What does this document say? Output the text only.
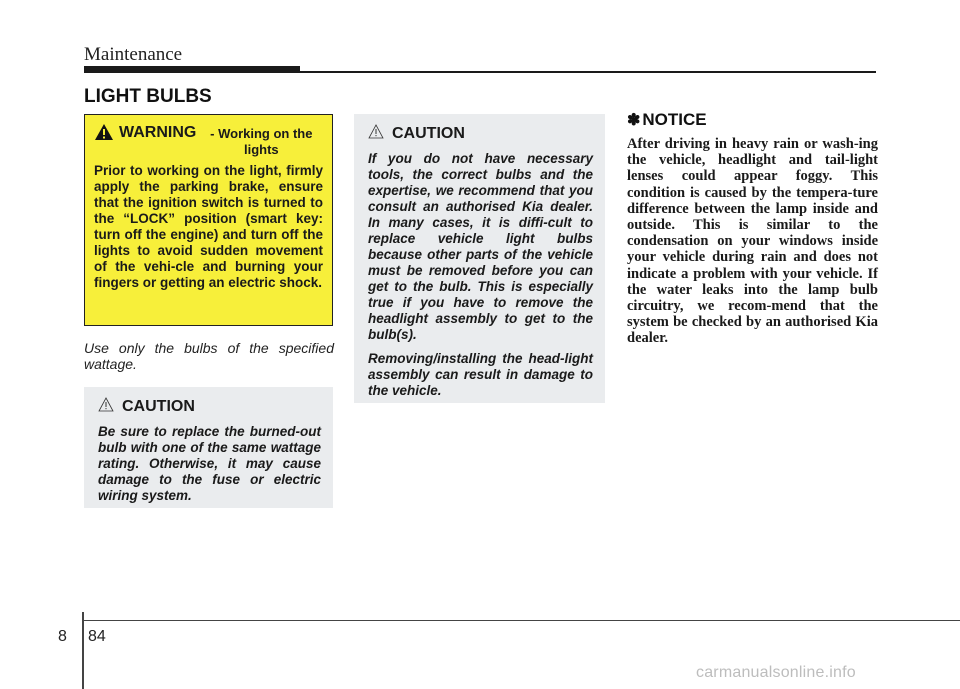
Maintenance
LIGHT BULBS
WARNING	- Working on the lights
Prior to working on the light, firmly apply the parking brake, ensure that the ignition switch is turned to the “LOCK” position (smart key: turn off the engine) and turn off the lights to avoid sudden movement of the vehi-cle and burning your fingers or getting an electric shock.
Use only the bulbs of the specified wattage.
CAUTION

Be sure to replace the burned-out bulb with one of the same wattage rating. Otherwise, it may cause damage to the fuse or electric wiring system.

CAUTION

If you do not have necessary tools, the correct bulbs and the expertise, we recommend that you consult an authorised Kia dealer. In many cases, it is diffi-cult to replace vehicle light bulbs because other parts of the vehicle must be removed before you can get to the bulb. This is especially true if you have to remove the headlight assembly to get to the bulb(s).

Removing/installing the head-light assembly can result in damage to the vehicle.

✽ NOTICE
After driving in heavy rain or wash-ing the vehicle, headlight and tail-light lenses could appear foggy. This condition is caused by the tempera-ture difference between the lamp inside and outside. This is similar to the condensation on your windows inside your vehicle during rain and does not indicate a problem with your vehicle. If the water leaks into the lamp bulb circuitry, we recom-mend that the system be checked by an authorised Kia dealer.
8 84
carmanualsonline.info
